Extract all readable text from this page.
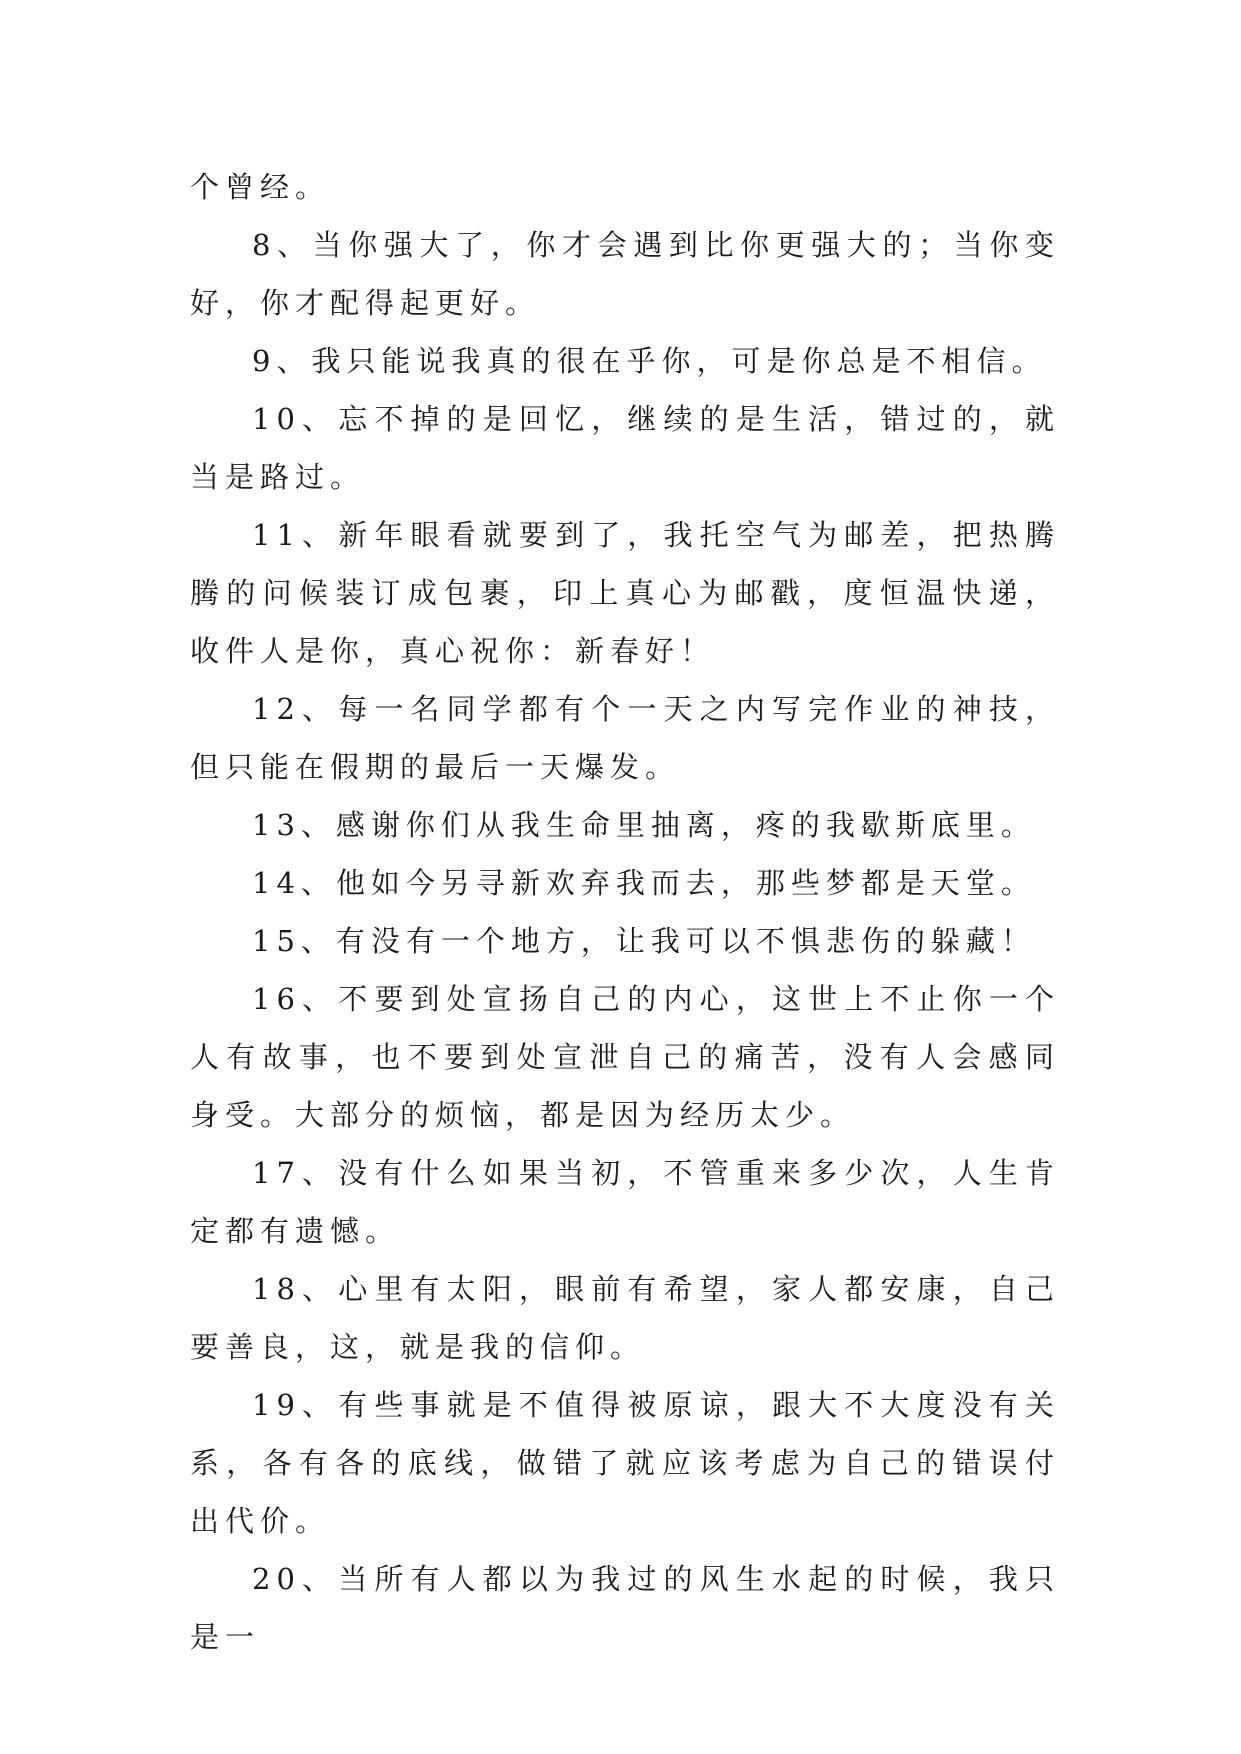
个曾经。

8、当你强大了，你才会遇到比你更强大的；当你变好，你才配得起更好。

9、我只能说我真的很在乎你，可是你总是不相信。

10、忘不掉的是回忆，继续的是生活，错过的，就当是路过。

11、新年眼看就要到了，我托空气为邮差，把热腾腾的问候装订成包裹，印上真心为邮戳，度恒温快递，收件人是你，真心祝你：新春好！

12、每一名同学都有个一天之内写完作业的神技，但只能在假期的最后一天爆发。

13、感谢你们从我生命里抽离，疼的我歇斯底里。

14、他如今另寻新欢弃我而去，那些梦都是天堂。

15、有没有一个地方，让我可以不惧悲伤的躲藏！

16、不要到处宣扬自己的内心，这世上不止你一个人有故事，也不要到处宣泄自己的痛苦，没有人会感同身受。大部分的烦恼，都是因为经历太少。

17、没有什么如果当初，不管重来多少次，人生肯定都有遗憾。

18、心里有太阳，眼前有希望，家人都安康，自己要善良，这，就是我的信仰。

19、有些事就是不值得被原谅，跟大不大度没有关系，各有各的底线，做错了就应该考虑为自己的错误付出代价。

20、当所有人都以为我过的风生水起的时候，我只是一
